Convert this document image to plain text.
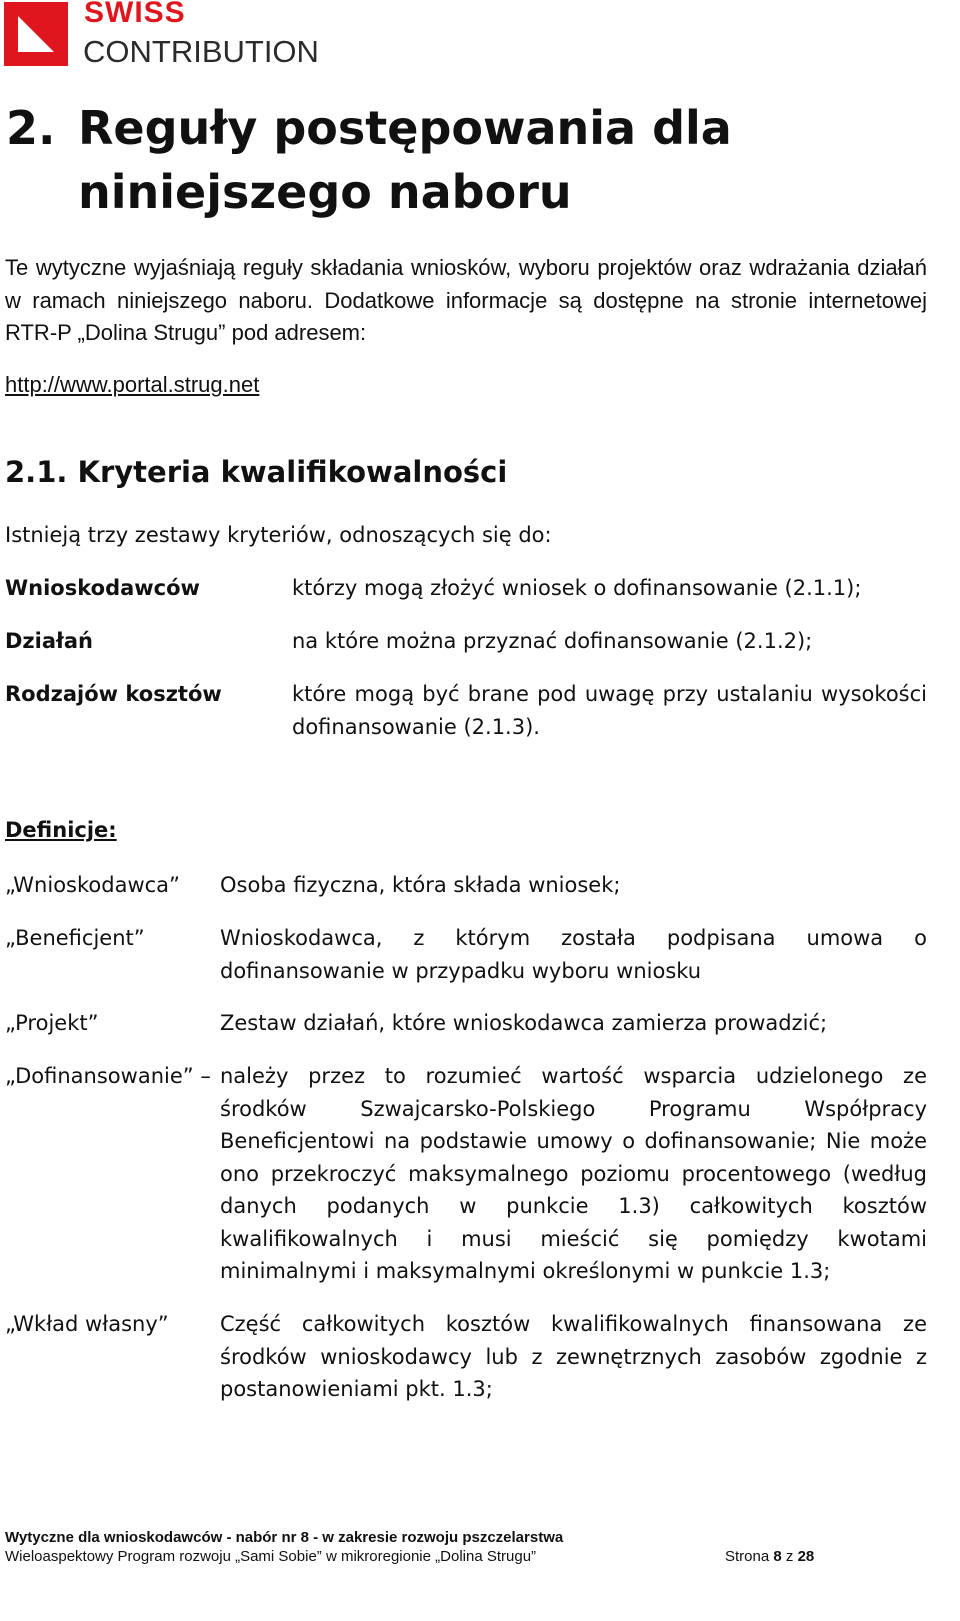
SWISS
CONTRIBUTION
2. Reguły postępowania dla niniejszego naboru
Te wytyczne wyjaśniają reguły składania wniosków, wyboru projektów oraz wdrażania działań w ramach niniejszego naboru. Dodatkowe informacje są dostępne na stronie internetowej RTR-P „Dolina Strugu” pod adresem:
http://www.portal.strug.net
2.1. Kryteria kwalifikowalności
Istnieją trzy zestawy kryteriów, odnoszących się do:
Wnioskodawców	którzy mogą złożyć wniosek o dofinansowanie (2.1.1);
Działań	na które można przyznać dofinansowanie (2.1.2);
Rodzajów kosztów	które mogą być brane pod uwagę przy ustalaniu wysokości dofinansowanie (2.1.3).
Definicje:
„Wnioskodawca” Osoba fizyczna, która składa wniosek;
„Beneficjent”	Wnioskodawca, z którym została podpisana umowa o dofinansowanie w przypadku wyboru wniosku
„Projekt”	Zestaw działań, które wnioskodawca zamierza prowadzić;
„Dofinansowanie” – należy przez to rozumieć wartość wsparcia udzielonego ze środków Szwajcarsko-Polskiego Programu Współpracy Beneficjentowi na podstawie umowy o dofinansowanie; Nie może ono przekroczyć maksymalnego poziomu procentowego (według danych podanych w punkcie 1.3) całkowitych kosztów kwalifikowalnych i musi mieścić się pomiędzy kwotami minimalnymi i maksymalnymi określonymi w punkcie 1.3;
„Wkład własny” Część całkowitych kosztów kwalifikowalnych finansowana ze środków wnioskodawcy lub z zewnętrznych zasobów zgodnie z postanowieniami pkt. 1.3;
Wytyczne dla wnioskodawców - nabór nr 8 - w zakresie rozwoju pszczelarstwa
Wieloaspektowy Program rozwoju „Sami Sobie” w mikroregionie „Dolina Strugu”	Strona 8 z 28
